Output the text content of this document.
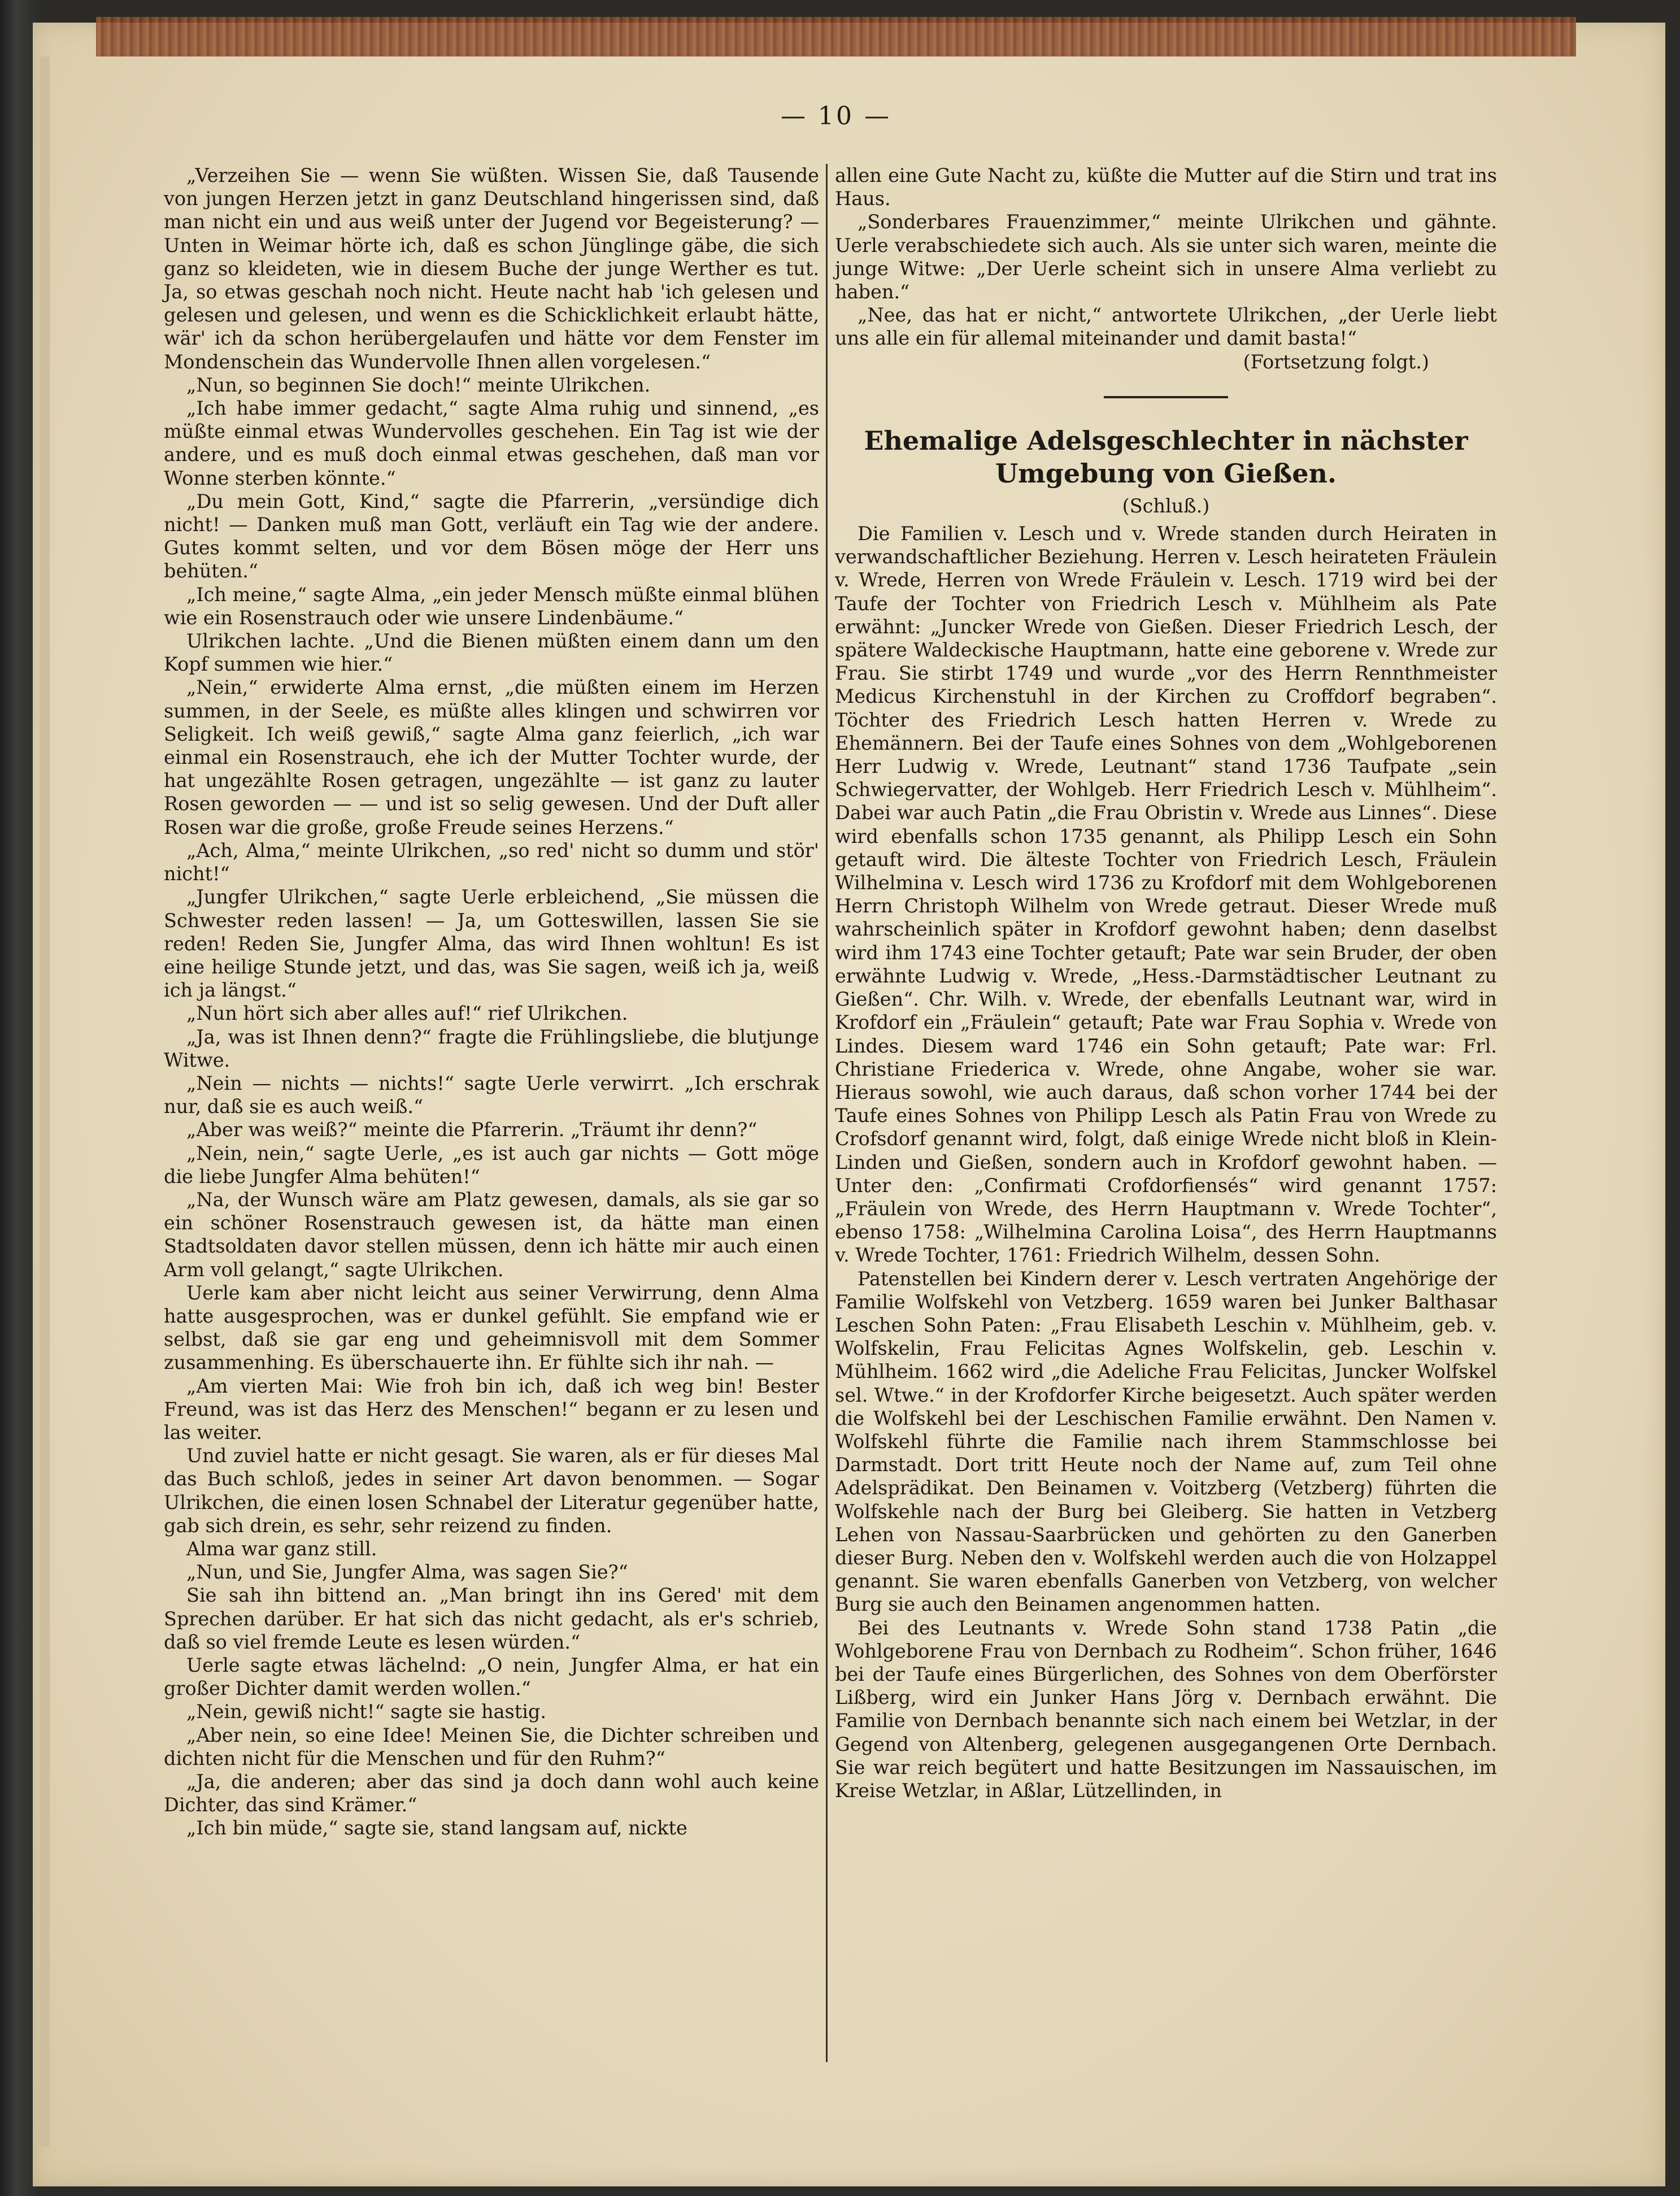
— 10 —

„Verzeihen Sie — wenn Sie wüßten. Wissen Sie, daß Tausende von jungen Herzen jetzt in ganz Deutschland hingerissen sind, daß man nicht ein und aus weiß unter der Jugend vor Begeisterung? — Unten in Weimar hörte ich, daß es schon Jünglinge gäbe, die sich ganz so kleideten, wie in diesem Buche der junge Werther es tut. Ja, so etwas geschah noch nicht. Heute nacht hab 'ich gelesen und gelesen und gelesen, und wenn es die Schicklichkeit erlaubt hätte, wär' ich da schon herübergelaufen und hätte vor dem Fenster im Mondenschein das Wundervolle Ihnen allen vorgelesen.“

„Nun, so beginnen Sie doch!“ meinte Ulrikchen.

„Ich habe immer gedacht,“ sagte Alma ruhig und sinnend, „es müßte einmal etwas Wundervolles geschehen. Ein Tag ist wie der andere, und es muß doch einmal etwas geschehen, daß man vor Wonne sterben könnte.“

„Du mein Gott, Kind,“ sagte die Pfarrerin, „versündige dich nicht! — Danken muß man Gott, verläuft ein Tag wie der andere. Gutes kommt selten, und vor dem Bösen möge der Herr uns behüten.“

„Ich meine,“ sagte Alma, „ein jeder Mensch müßte einmal blühen wie ein Rosenstrauch oder wie unsere Lindenbäume.“

Ulrikchen lachte. „Und die Bienen müßten einem dann um den Kopf summen wie hier.“

„Nein,“ erwiderte Alma ernst, „die müßten einem im Herzen summen, in der Seele, es müßte alles klingen und schwirren vor Seligkeit. Ich weiß gewiß,“ sagte Alma ganz feierlich, „ich war einmal ein Rosenstrauch, ehe ich der Mutter Tochter wurde, der hat ungezählte Rosen getragen, ungezählte — ist ganz zu lauter Rosen geworden — — und ist so selig gewesen. Und der Duft aller Rosen war die große, große Freude seines Herzens.“

„Ach, Alma,“ meinte Ulrikchen, „so red' nicht so dumm und stör' nicht!“

„Jungfer Ulrikchen,“ sagte Uerle erbleichend, „Sie müssen die Schwester reden lassen! — Ja, um Gotteswillen, lassen Sie sie reden! Reden Sie, Jungfer Alma, das wird Ihnen wohltun! Es ist eine heilige Stunde jetzt, und das, was Sie sagen, weiß ich ja, weiß ich ja längst.“

„Nun hört sich aber alles auf!“ rief Ulrikchen.

„Ja, was ist Ihnen denn?“ fragte die Frühlingsliebe, die blutjunge Witwe.

„Nein — nichts — nichts!“ sagte Uerle verwirrt. „Ich erschrak nur, daß sie es auch weiß.“

„Aber was weiß?“ meinte die Pfarrerin. „Träumt ihr denn?“

„Nein, nein,“ sagte Uerle, „es ist auch gar nichts — Gott möge die liebe Jungfer Alma behüten!“

„Na, der Wunsch wäre am Platz gewesen, damals, als sie gar so ein schöner Rosenstrauch gewesen ist, da hätte man einen Stadtsoldaten davor stellen müssen, denn ich hätte mir auch einen Arm voll gelangt,“ sagte Ulrikchen.

Uerle kam aber nicht leicht aus seiner Verwirrung, denn Alma hatte ausgesprochen, was er dunkel gefühlt. Sie empfand wie er selbst, daß sie gar eng und geheimnisvoll mit dem Sommer zusammenhing. Es überschauerte ihn. Er fühlte sich ihr nah. —

„Am vierten Mai: Wie froh bin ich, daß ich weg bin! Bester Freund, was ist das Herz des Menschen!“ begann er zu lesen und las weiter.

Und zuviel hatte er nicht gesagt. Sie waren, als er für dieses Mal das Buch schloß, jedes in seiner Art davon benommen. — Sogar Ulrikchen, die einen losen Schnabel der Literatur gegenüber hatte, gab sich drein, es sehr, sehr reizend zu finden.

Alma war ganz still.

„Nun, und Sie, Jungfer Alma, was sagen Sie?“

Sie sah ihn bittend an. „Man bringt ihn ins Gered' mit dem Sprechen darüber. Er hat sich das nicht gedacht, als er's schrieb, daß so viel fremde Leute es lesen würden.“

Uerle sagte etwas lächelnd: „O nein, Jungfer Alma, er hat ein großer Dichter damit werden wollen.“

„Nein, gewiß nicht!“ sagte sie hastig.

„Aber nein, so eine Idee! Meinen Sie, die Dichter schreiben und dichten nicht für die Menschen und für den Ruhm?“

„Ja, die anderen; aber das sind ja doch dann wohl auch keine Dichter, das sind Krämer.“

„Ich bin müde,“ sagte sie, stand langsam auf, nickte

allen eine Gute Nacht zu, küßte die Mutter auf die Stirn und trat ins Haus.

„Sonderbares Frauenzimmer,“ meinte Ulrikchen und gähnte. Uerle verabschiedete sich auch. Als sie unter sich waren, meinte die junge Witwe: „Der Uerle scheint sich in unsere Alma verliebt zu haben.“

„Nee, das hat er nicht,“ antwortete Ulrikchen, „der Uerle liebt uns alle ein für allemal miteinander und damit basta!“

(Fortsetzung folgt.)

Ehemalige Adelsgeschlechter in nächster Umgebung von Gießen.

(Schluß.)

Die Familien v. Lesch und v. Wrede standen durch Heiraten in verwandschaftlicher Beziehung. Herren v. Lesch heirateten Fräulein v. Wrede, Herren von Wrede Fräulein v. Lesch. 1719 wird bei der Taufe der Tochter von Friedrich Lesch v. Mühlheim als Pate erwähnt: „Juncker Wrede von Gießen. Dieser Friedrich Lesch, der spätere Waldeckische Hauptmann, hatte eine geborene v. Wrede zur Frau. Sie stirbt 1749 und wurde „vor des Herrn Rennthmeister Medicus Kirchenstuhl in der Kirchen zu Croffdorf begraben“. Töchter des Friedrich Lesch hatten Herren v. Wrede zu Ehemännern. Bei der Taufe eines Sohnes von dem „Wohlgeborenen Herr Ludwig v. Wrede, Leutnant“ stand 1736 Taufpate „sein Schwiegervatter, der Wohlgeb. Herr Friedrich Lesch v. Mühlheim“. Dabei war auch Patin „die Frau Obristin v. Wrede aus Linnes“. Diese wird ebenfalls schon 1735 genannt, als Philipp Lesch ein Sohn getauft wird. Die älteste Tochter von Friedrich Lesch, Fräulein Wilhelmina v. Lesch wird 1736 zu Krofdorf mit dem Wohlgeborenen Herrn Christoph Wilhelm von Wrede getraut. Dieser Wrede muß wahrscheinlich später in Krofdorf gewohnt haben; denn daselbst wird ihm 1743 eine Tochter getauft; Pate war sein Bruder, der oben erwähnte Ludwig v. Wrede, „Hess.-Darmstädtischer Leutnant zu Gießen“. Chr. Wilh. v. Wrede, der ebenfalls Leutnant war, wird in Krofdorf ein „Fräulein“ getauft; Pate war Frau Sophia v. Wrede von Lindes. Diesem ward 1746 ein Sohn getauft; Pate war: Frl. Christiane Friederica v. Wrede, ohne Angabe, woher sie war. Hieraus sowohl, wie auch daraus, daß schon vorher 1744 bei der Taufe eines Sohnes von Philipp Lesch als Patin Frau von Wrede zu Crofsdorf genannt wird, folgt, daß einige Wrede nicht bloß in Klein-Linden und Gießen, sondern auch in Krofdorf gewohnt haben. — Unter den: „Confirmati Crofdorfiensés“ wird genannt 1757: „Fräulein von Wrede, des Herrn Hauptmann v. Wrede Tochter“, ebenso 1758: „Wilhelmina Carolina Loisa“, des Herrn Hauptmanns v. Wrede Tochter, 1761: Friedrich Wilhelm, dessen Sohn.

Patenstellen bei Kindern derer v. Lesch vertraten Angehörige der Familie Wolfskehl von Vetzberg. 1659 waren bei Junker Balthasar Leschen Sohn Paten: „Frau Elisabeth Leschin v. Mühlheim, geb. v. Wolfskelin, Frau Felicitas Agnes Wolfskelin, geb. Leschin v. Mühlheim. 1662 wird „die Adeliche Frau Felicitas, Juncker Wolfskel sel. Wtwe.“ in der Krofdorfer Kirche beigesetzt. Auch später werden die Wolfskehl bei der Leschischen Familie erwähnt. Den Namen v. Wolfskehl führte die Familie nach ihrem Stammschlosse bei Darmstadt. Dort tritt Heute noch der Name auf, zum Teil ohne Adelsprädikat. Den Beinamen v. Voitzberg (Vetzberg) führten die Wolfskehle nach der Burg bei Gleiberg. Sie hatten in Vetzberg Lehen von Nassau-Saarbrücken und gehörten zu den Ganerben dieser Burg. Neben den v. Wolfskehl werden auch die von Holzappel genannt. Sie waren ebenfalls Ganerben von Vetzberg, von welcher Burg sie auch den Beinamen angenommen hatten.

Bei des Leutnants v. Wrede Sohn stand 1738 Patin „die Wohlgeborene Frau von Dernbach zu Rodheim“. Schon früher, 1646 bei der Taufe eines Bürgerlichen, des Sohnes von dem Oberförster Lißberg, wird ein Junker Hans Jörg v. Dernbach erwähnt. Die Familie von Dernbach benannte sich nach einem bei Wetzlar, in der Gegend von Altenberg, gelegenen ausgegangenen Orte Dernbach. Sie war reich begütert und hatte Besitzungen im Nassauischen, im Kreise Wetzlar, in Aßlar, Lützellinden, in
